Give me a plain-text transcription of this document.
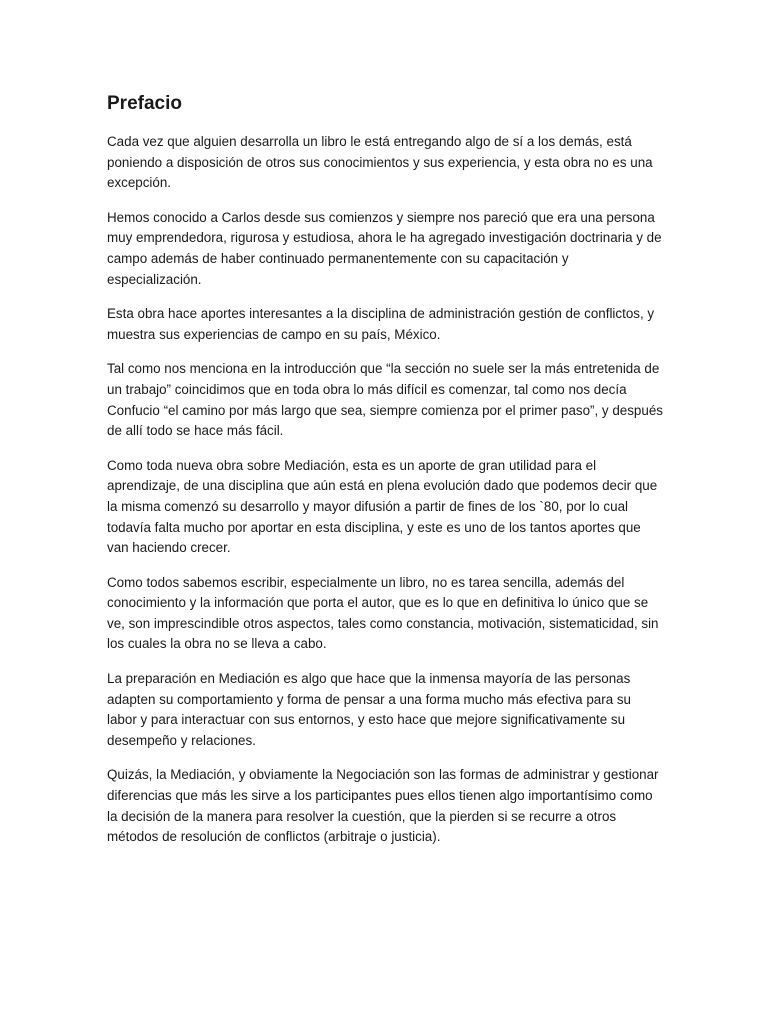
Prefacio

Cada vez que alguien desarrolla un libro le está entregando algo de sí a los demás, está poniendo a disposición de otros sus conocimientos y sus experiencia, y esta obra no es una excepción.

Hemos conocido a Carlos desde sus comienzos y siempre nos pareció que era una persona muy emprendedora, rigurosa y estudiosa, ahora le ha agregado investigación doctrinaria y de campo además de haber continuado permanentemente con su capacitación y especialización.

Esta obra hace aportes interesantes a la disciplina de administración gestión de conflictos, y muestra sus experiencias de campo en su país, México.

Tal como nos menciona en la introducción que “la sección no suele ser la más entretenida de un trabajo” coincidimos que en toda obra lo más difícil es comenzar, tal como nos decía Confucio “el camino por más largo que sea, siempre comienza por el primer paso”, y después de allí todo se hace más fácil.

Como toda nueva obra sobre Mediación, esta es un aporte de gran utilidad para el aprendizaje, de una disciplina que aún está en plena evolución dado que podemos decir que la misma comenzó su desarrollo y mayor difusión a partir de fines de los `80, por lo cual todavía falta mucho por aportar en esta disciplina, y este es uno de los tantos aportes que van haciendo crecer.

Como todos sabemos escribir, especialmente un libro, no es tarea sencilla, además del conocimiento y la información que porta el autor, que es lo que en definitiva lo único que se ve, son imprescindible otros aspectos, tales como constancia, motivación, sistematicidad, sin los cuales la obra no se lleva a cabo.

La preparación en Mediación es algo que hace que la inmensa mayoría de las personas adapten su comportamiento y forma de pensar a una forma mucho más efectiva para su labor y para interactuar con sus entornos, y esto hace que mejore significativamente su desempeño y relaciones.

Quizás, la Mediación, y obviamente la Negociación son las formas de administrar y gestionar diferencias que más les sirve a los participantes pues ellos tienen algo importantísimo como la decisión de la manera para resolver la cuestión, que la pierden si se recurre a otros métodos de resolución de conflictos (arbitraje o justicia).
